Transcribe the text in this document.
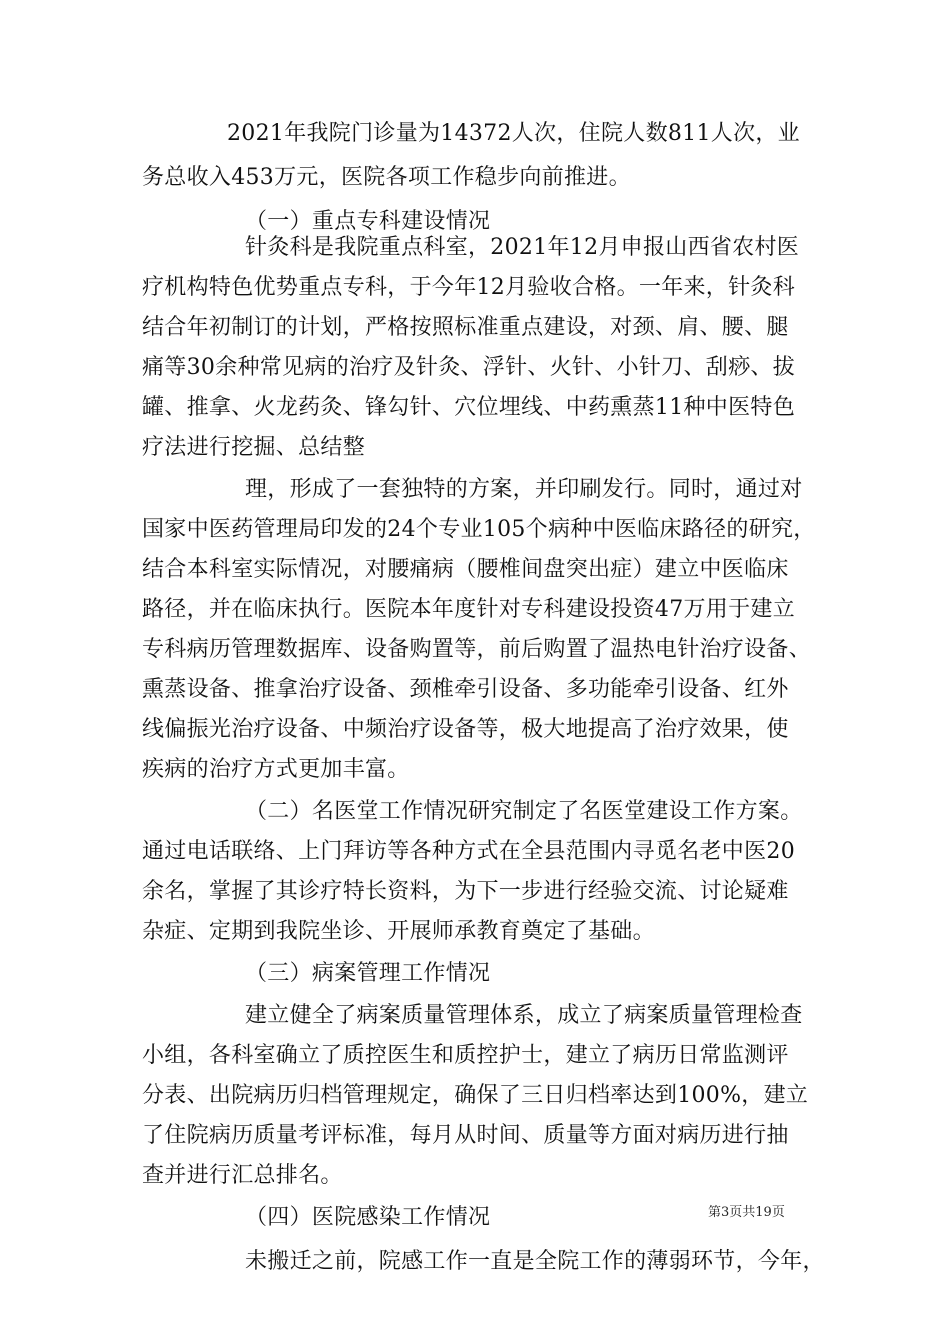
2021年我院门诊量为14372人次，住院人数811人次，业
务总收入453万元，医院各项工作稳步向前推进。
（一）重点专科建设情况
针灸科是我院重点科室，2021年12月申报山西省农村医
疗机构特色优势重点专科，于今年12月验收合格。一年来，针灸科
结合年初制订的计划，严格按照标准重点建设，对颈、肩、腰、腿
痛等30余种常见病的治疗及针灸、浮针、火针、小针刀、刮痧、拔
罐、推拿、火龙药灸、锋勾针、穴位埋线、中药熏蒸11种中医特色
疗法进行挖掘、总结整
理，形成了一套独特的方案，并印刷发行。同时，通过对
国家中医药管理局印发的24个专业105个病种中医临床路径的研究，
结合本科室实际情况，对腰痛病（腰椎间盘突出症）建立中医临床
路径，并在临床执行。医院本年度针对专科建设投资47万用于建立
专科病历管理数据库、设备购置等，前后购置了温热电针治疗设备、
熏蒸设备、推拿治疗设备、颈椎牵引设备、多功能牵引设备、红外
线偏振光治疗设备、中频治疗设备等，极大地提高了治疗效果，使
疾病的治疗方式更加丰富。
（二）名医堂工作情况研究制定了名医堂建设工作方案。
通过电话联络、上门拜访等各种方式在全县范围内寻觅名老中医20
余名，掌握了其诊疗特长资料，为下一步进行经验交流、讨论疑难
杂症、定期到我院坐诊、开展师承教育奠定了基础。
（三）病案管理工作情况
建立健全了病案质量管理体系，成立了病案质量管理检查
小组，各科室确立了质控医生和质控护士，建立了病历日常监测评
分表、出院病历归档管理规定，确保了三日归档率达到100%，建立
了住院病历质量考评标准，每月从时间、质量等方面对病历进行抽
查并进行汇总排名。
（四）医院感染工作情况
未搬迁之前，院感工作一直是全院工作的薄弱环节，今年，
第3页共19页
